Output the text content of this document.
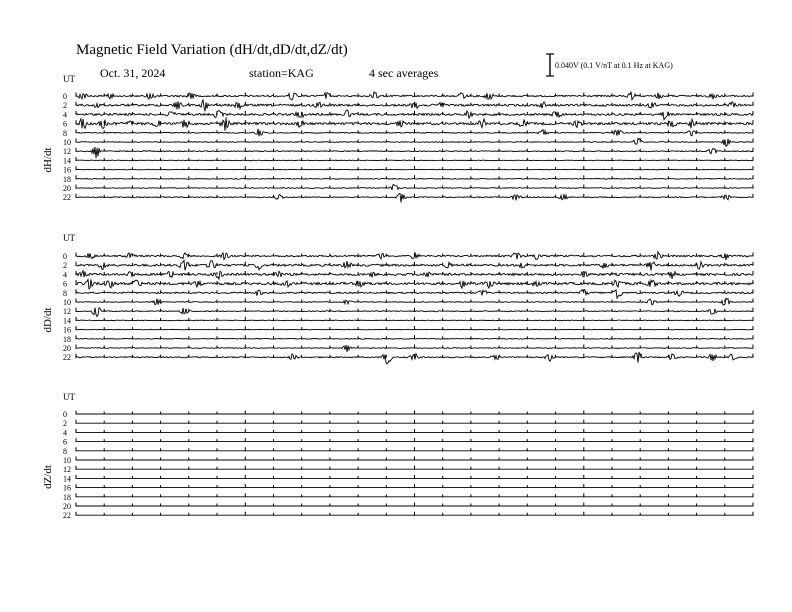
Magnetic Field Variation (dH/dt,dD/dt,dZ/dt)
Oct. 31, 2024	station=KAG	4 sec averages
0.040V (0.1 V/nT at 0.1 Hz at KAG)
UT
dH/dt
0
2
4
6
8
10
12
14
16
18
20
22
UT
dD/dt
0
2
4
6
8
10
12
14
16
18
20
22
UT
dZ/dt
0
2
4
6
8
10
12
14
16
18
20
22
